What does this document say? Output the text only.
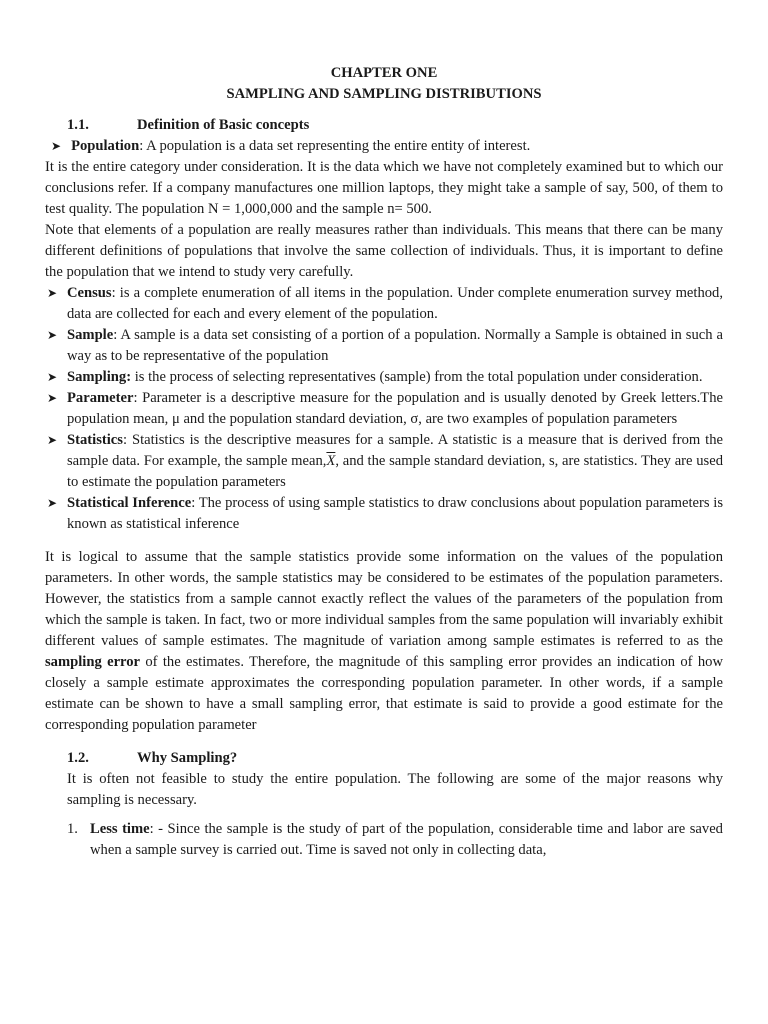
CHAPTER ONE
SAMPLING AND SAMPLING DISTRIBUTIONS
1.1.	Definition of Basic concepts
➤ Population: A population is a data set representing the entire entity of interest.
It is the entire category under consideration. It is the data which we have not completely examined but to which our conclusions refer. If a company manufactures one million laptops, they might take a sample of say, 500, of them to test quality. The population N = 1,000,000 and the sample n= 500.
Note that elements of a population are really measures rather than individuals. This means that there can be many different definitions of populations that involve the same collection of individuals. Thus, it is important to define the population that we intend to study very carefully.
➤ Census: is a complete enumeration of all items in the population. Under complete enumeration survey method, data are collected for each and every element of the population.
➤ Sample: A sample is a data set consisting of a portion of a population. Normally a Sample is obtained in such a way as to be representative of the population
➤ Sampling: is the process of selecting representatives (sample) from the total population under consideration.
➤ Parameter: Parameter is a descriptive measure for the population and is usually denoted by Greek letters.The population mean, μ and the population standard deviation, σ, are two examples of population parameters
➤ Statistics: Statistics is the descriptive measures for a sample. A statistic is a measure that is derived from the sample data. For example, the sample $mean,\overline{X}$, and the sample standard deviation, s, are statistics. They are used to estimate the population parameters
➤ Statistical Inference: The process of using sample statistics to draw conclusions about population parameters is known as statistical inference
It is logical to assume that the sample statistics provide some information on the values of the population parameters. In other words, the sample statistics may be considered to be estimates of the population parameters. However, the statistics from a sample cannot exactly reflect the values of the parameters of the population from which the sample is taken. In fact, two or more individual samples from the same population will invariably exhibit different values of sample estimates. The magnitude of variation among sample estimates is referred to as the sampling error of the estimates. Therefore, the magnitude of this sampling error provides an indication of how closely a sample estimate approximates the corresponding population parameter. In other words, if a sample estimate can be shown to have a small sampling error, that estimate is said to provide a good estimate for the corresponding population parameter
1.2.	Why Sampling?
It is often not feasible to study the entire population. The following are some of the major reasons why sampling is necessary.
1. Less time: - Since the sample is the study of part of the population, considerable time and labor are saved when a sample survey is carried out. Time is saved not only in collecting data,
